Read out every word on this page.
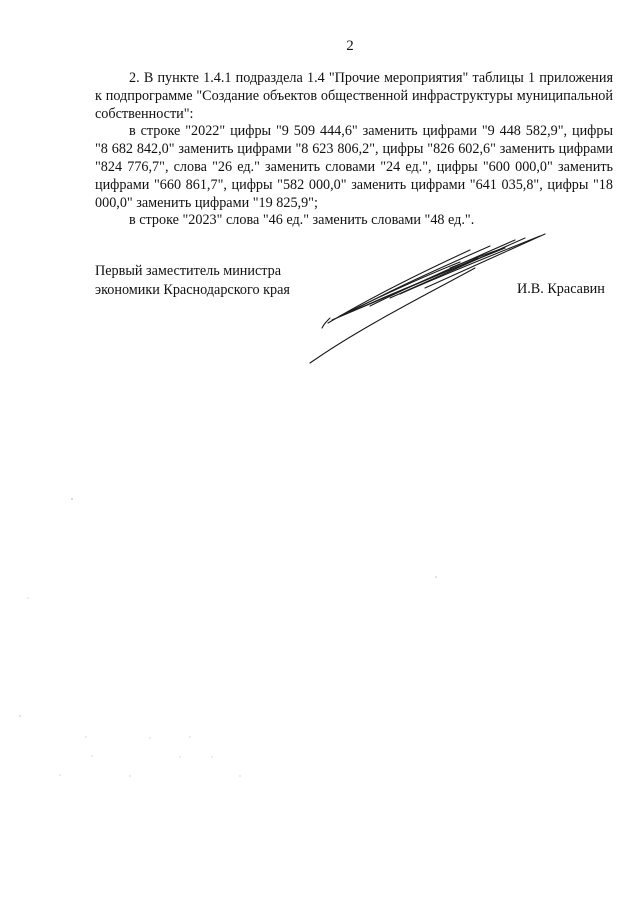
2

2. В пункте 1.4.1 подраздела 1.4 "Прочие мероприятия" таблицы 1 приложения к подпрограмме "Создание объектов общественной инфраструктуры муниципальной собственности":

в строке "2022" цифры "9 509 444,6" заменить цифрами "9 448 582,9", цифры "8 682 842,0" заменить цифрами "8 623 806,2", цифры "826 602,6" заменить цифрами "824 776,7", слова "26 ед." заменить словами "24 ед.", цифры "600 000,0" заменить цифрами "660 861,7", цифры "582 000,0" заменить цифрами "641 035,8", цифры "18 000,0" заменить цифрами "19 825,9";

в строке "2023" слова "46 ед." заменить словами "48 ед.".

Первый заместитель министра
экономики Краснодарского края	И.В. Красавин
